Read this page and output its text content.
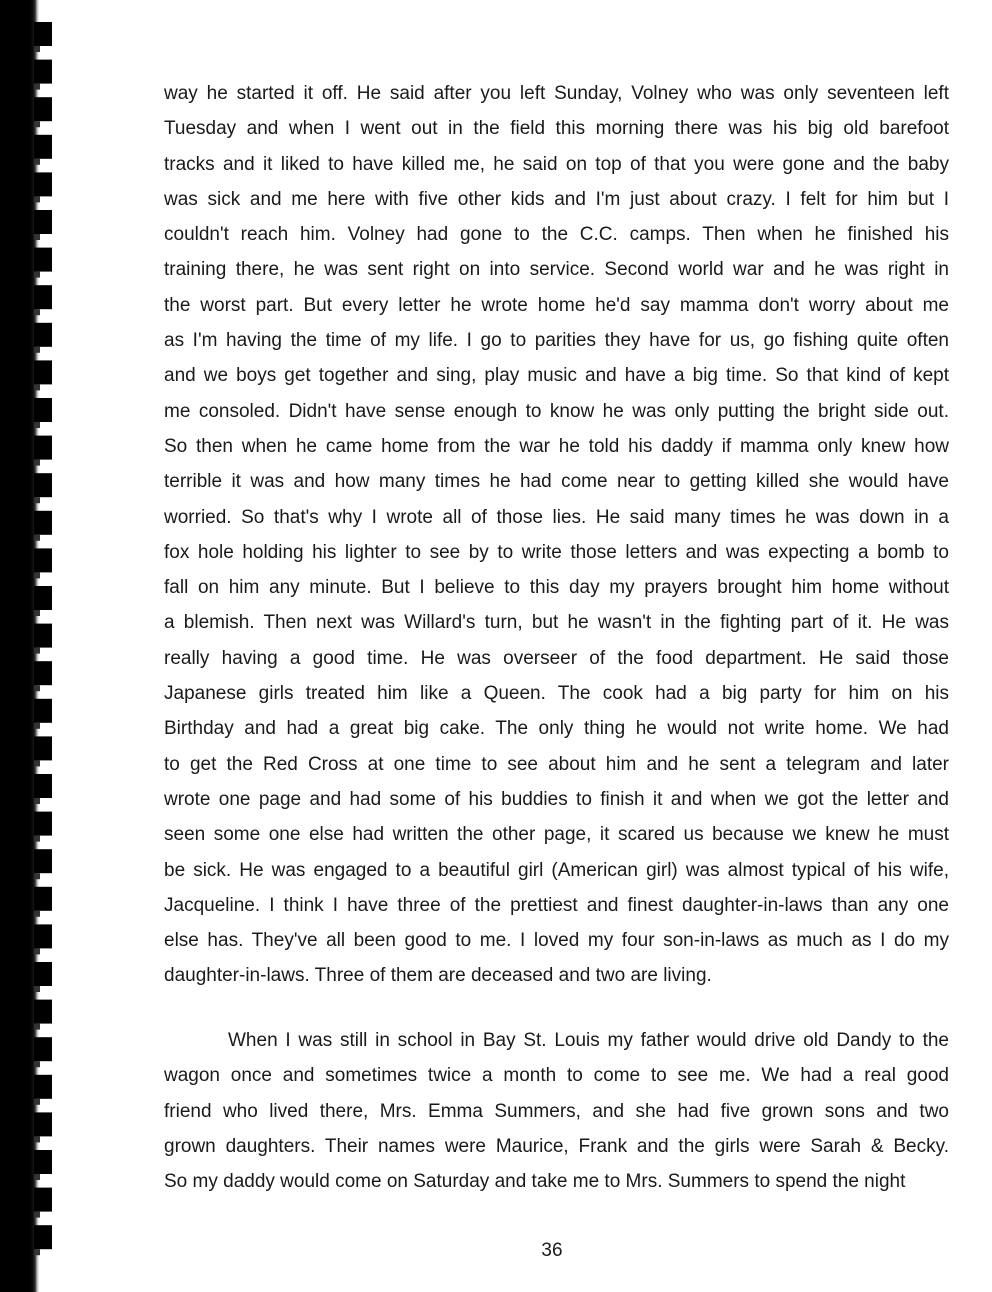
way he started it off. He said after you left Sunday, Volney who was only seventeen left
Tuesday and when I went out in the field this morning there was his big old barefoot
tracks and it liked to have killed me, he said on top of that you were gone and the baby
was sick and me here with five other kids and I'm just about crazy. I felt for him but I
couldn't reach him. Volney had gone to the C.C. camps. Then when he finished his
training there, he was sent right on into service. Second world war and he was right in
the worst part. But every letter he wrote home he'd say mamma don't worry about me
as I'm having the time of my life. I go to parities they have for us, go fishing quite often
and we boys get together and sing, play music and have a big time. So that kind of kept
me consoled. Didn't have sense enough to know he was only putting the bright side out.
So then when he came home from the war he told his daddy if mamma only knew how
terrible it was and how many times he had come near to getting killed she would have
worried. So that's why I wrote all of those lies. He said many times he was down in a
fox hole holding his lighter to see by to write those letters and was expecting a bomb to
fall on him any minute. But I believe to this day my prayers brought him home without
a blemish. Then next was Willard's turn, but he wasn't in the fighting part of it. He was
really having a good time. He was overseer of the food department. He said those
Japanese girls treated him like a Queen. The cook had a big party for him on his
Birthday and had a great big cake. The only thing he would not write home. We had
to get the Red Cross at one time to see about him and he sent a telegram and later
wrote one page and had some of his buddies to finish it and when we got the letter and
seen some one else had written the other page, it scared us because we knew he must
be sick. He was engaged to a beautiful girl (American girl) was almost typical of his wife,
Jacqueline. I think I have three of the prettiest and finest daughter-in-laws than any one
else has. They've all been good to me. I loved my four son-in-laws as much as I do my
daughter-in-laws. Three of them are deceased and two are living.
When I was still in school in Bay St. Louis my father would drive old Dandy to the
wagon once and sometimes twice a month to come to see me. We had a real good
friend who lived there, Mrs. Emma Summers, and she had five grown sons and two
grown daughters. Their names were Maurice, Frank and the girls were Sarah & Becky.
So my daddy would come on Saturday and take me to Mrs. Summers to spend the night
36
